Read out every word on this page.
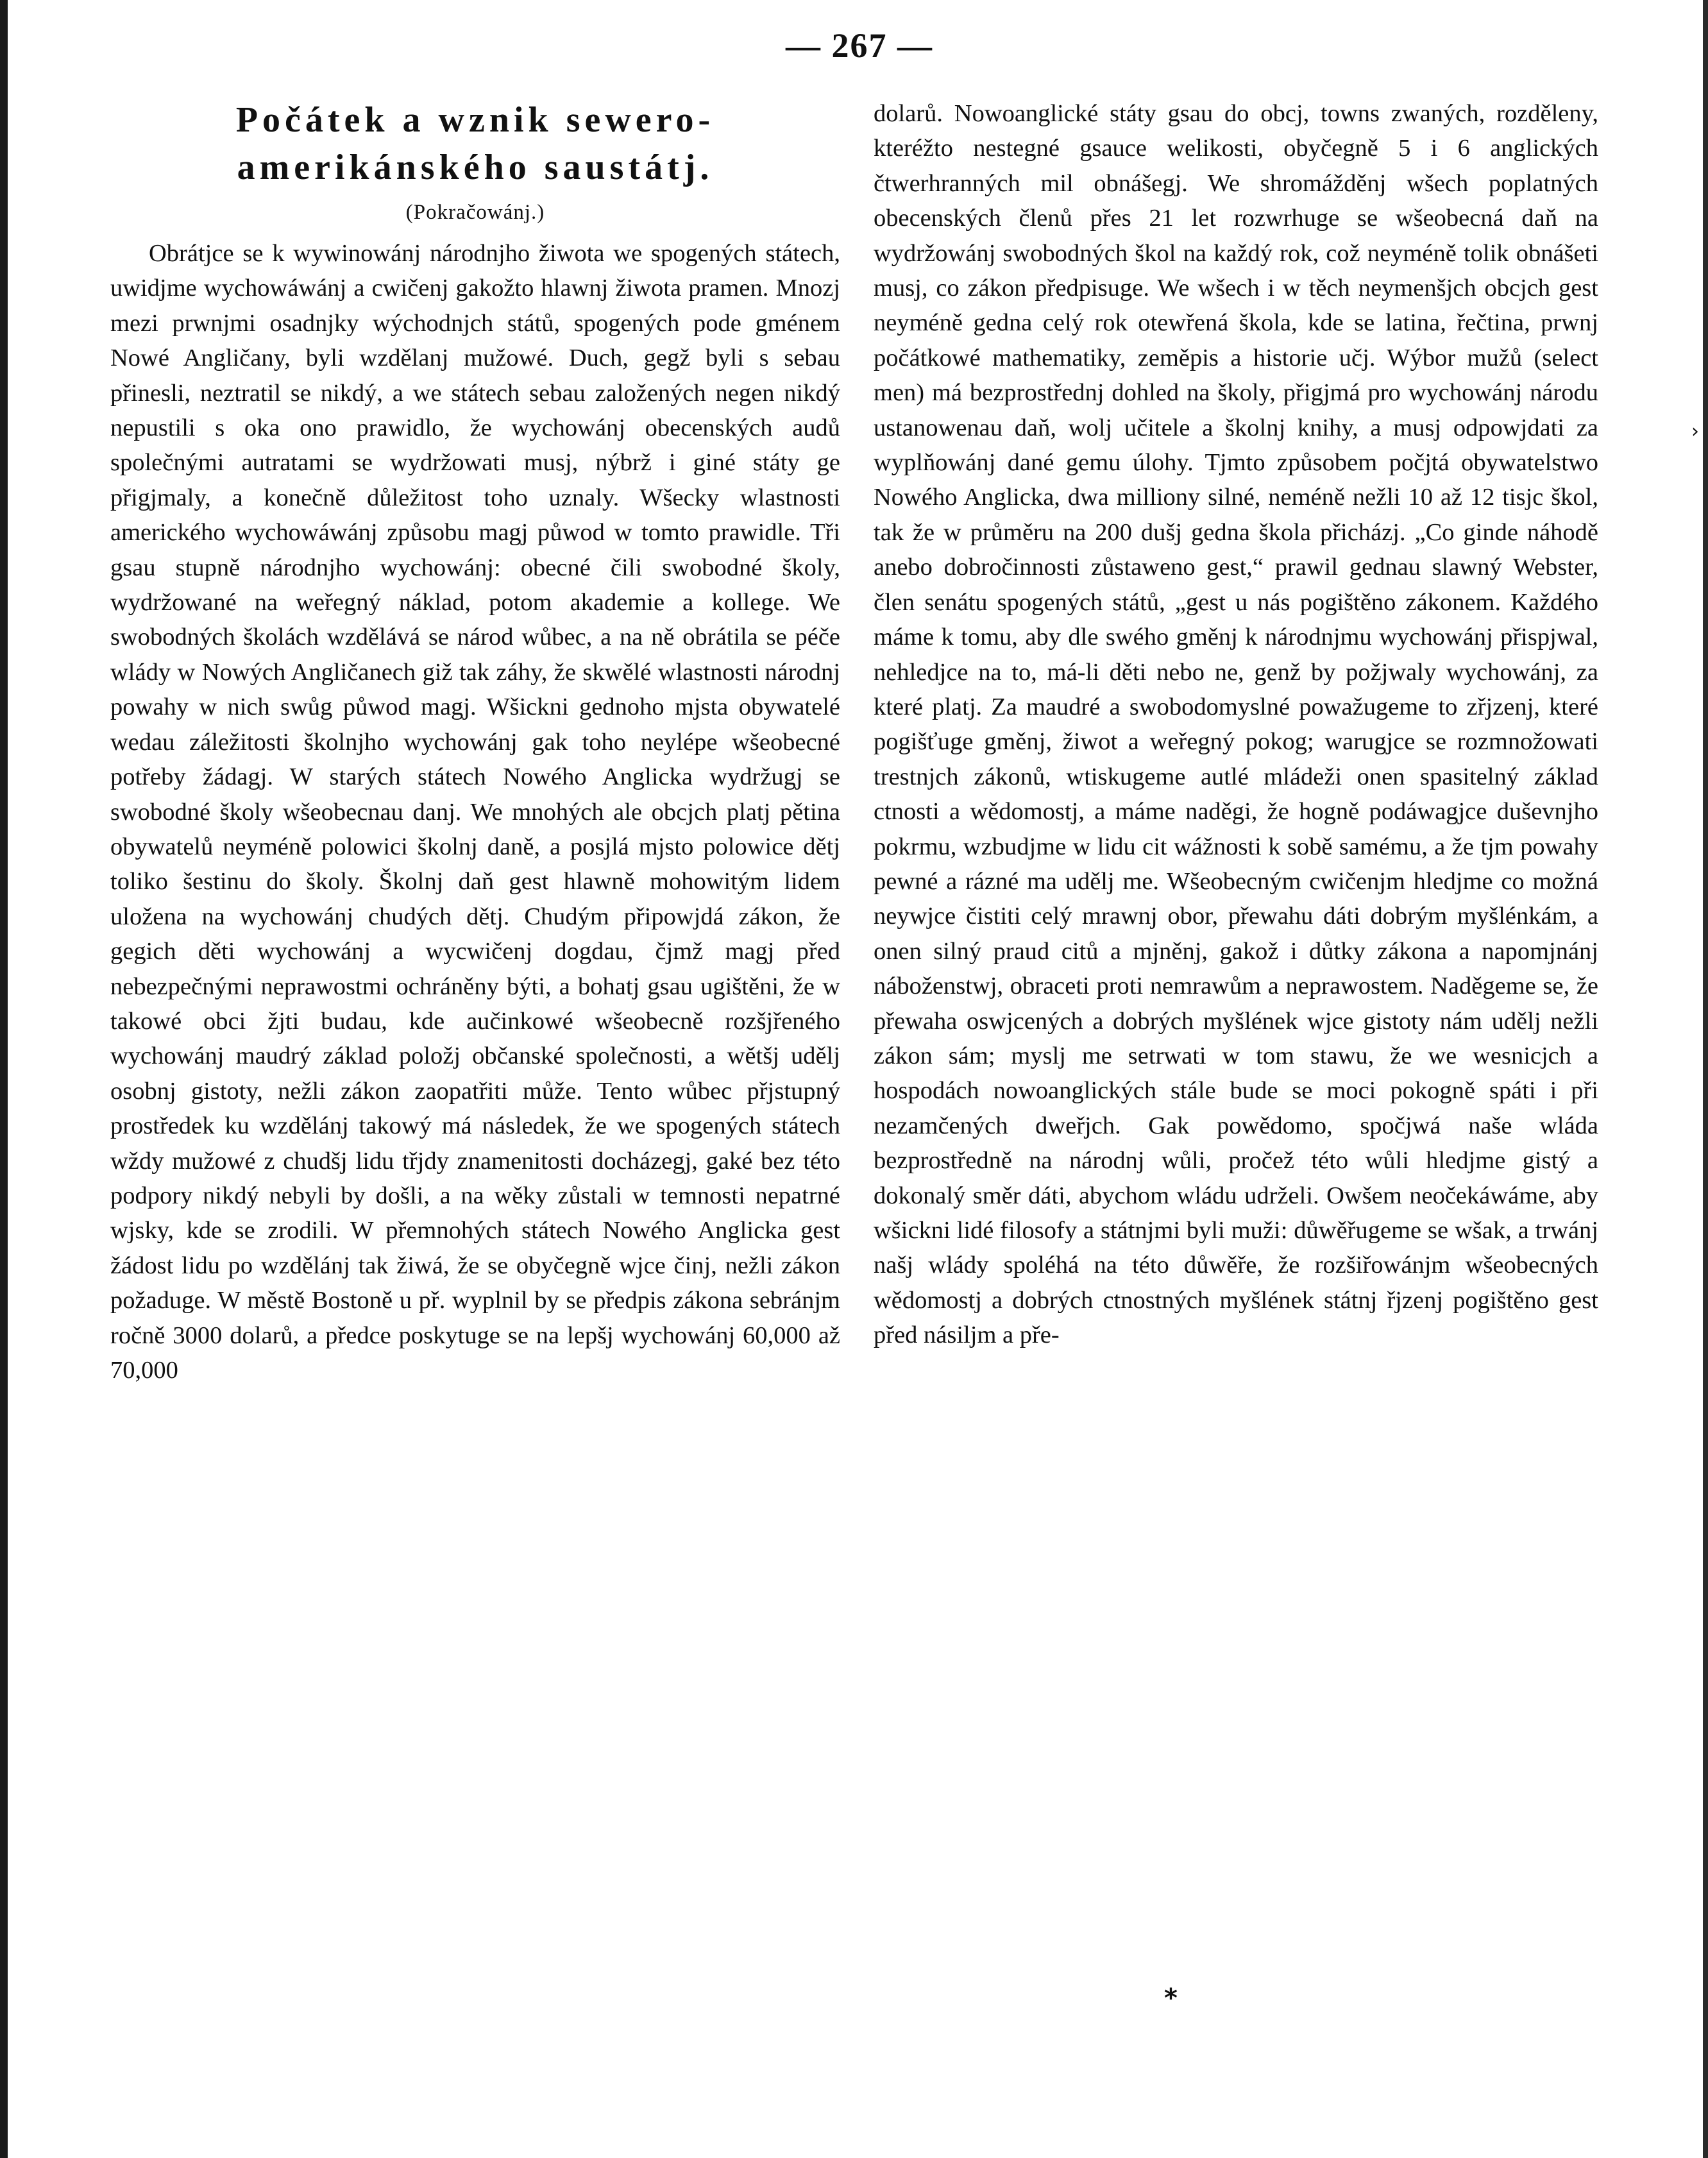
— 267 —
Počátek a wznik sewero-amerikánského saustátj.
(Pokračowánj.)

Obrátjce se k wywinowánj národnjho žiwota we spogených státech, uwidjme wychowáwánj a cwičenj gakožto hlawnj žiwota pramen. Mnozj mezi prwnjmi osadnjky wýchodnjch států, spogených pode gménem Nowé Angličany, byli wzdělanj mužowé. Duch, gegž byli s sebau přinesli, neztratil se nikdý, a we státech sebau založených negen nikdý nepustili s oka ono prawidlo, že wychowánj obecenských audů společnými autratami se wydržowati musj, nýbrž i giné státy ge přigjmaly, a konečně důležitost toho uznaly. Wšecky wlastnosti amerického wychowáwánj způsobu magj půwod w tomto prawidle. Tři gsau stupně národnjho wychowánj: obecné čili swobodné školy, wydržowané na weřegný náklad, potom akademie a kollege. We swobodných školách wzdělává se národ wůbec, a na ně obrátila se péče wlády w Nowých Angličanech giž tak záhy, že skwělé wlastnosti národnj powahy w nich swůg půwod magj. Wšickni gednoho mjsta obywatelé wedau záležitosti školnjho wychowánj gak toho neylépe wšeobecné potřeby žádagj. W starých státech Nowého Anglicka wydržugj se swobodné školy wšeobecnau danj. We mnohých ale obcjch platj pětina obywatelů neyméně polowici školnj daně, a posjlá mjsto polowice dětj toliko šestinu do školy. Školnj daň gest hlawně mohowitým lidem uložena na wychowánj chudých dětj. Chudým připowjdá zákon, že gegich děti wychowánj a wycwičenj dogdau, čjmž magj před nebezpečnými neprawostmi ochráněny býti, a bohatj gsau ugištěni, že w takowé obci žjti budau, kde aučinkowé wšeobecně rozšjřeného wychowánj maudrý základ položj občanské společnosti, a wětšj udělj osobnj gistoty, nežli zákon zaopatřiti může. Tento wůbec přjstupný prostředek ku wzdělánj takowý má následek, že we spogených státech wždy mužowé z chudšj lidu třjdy znamenitosti docházegj, gaké bez této podpory nikdý nebyli by došli, a na wěky zůstali w temnosti nepatrné wjsky, kde se zrodili. W přemnohých státech Nowého Anglicka gest žádost lidu po wzdělánj tak žiwá, že se obyčegně wjce činj, nežli zákon požaduge. W městě Bostoně u př. wyplnil by se předpis zákona sebránjm ročně 3000 dolarů, a předce poskytuge se na lepšj wychowánj 60,000 až 70,000

dolarů. Nowoanglické státy gsau do obcj, towns zwaných, rozděleny, kteréžto nestegné gsauce welikosti, obyčegně 5 i 6 anglických čtwerhranných mil obnášegj. We shromážděnj wšech poplatných obecenských členů přes 21 let rozwrhuge se wšeobecná daň na wydržowánj swobodných škol na každý rok, což neyméně tolik obnášeti musj, co zákon předpisuge. We wšech i w těch neymenšjch obcjch gest neyméně gedna celý rok otewřená škola, kde se latina, řečtina, prwnj počátkowé mathematiky, zeměpis a historie učj. Wýbor mužů (select men) má bezprostřednj dohled na školy, přigjmá pro wychowánj národu ustanowenau daň, wolj učitele a školnj knihy, a musj odpowjdati za wyplňowánj dané gemu úlohy. Tjmto způsobem počjtá obywatelstwo Nowého Anglicka, dwa milliony silné, neméně nežli 10 až 12 tisjc škol, tak že w průměru na 200 dušj gedna škola přicházj. „Co ginde náhodě anebo dobročinnosti zůstaweno gest,“ prawil gednau slawný Webster, člen senátu spogených států, „gest u nás pogištěno zákonem. Každého máme k tomu, aby dle swého gměnj k národnjmu wychowánj přispjwal, nehledjce na to, má-li děti nebo ne, genž by požjwaly wychowánj, za které platj. Za maudré a swobodomyslné powažugeme to zřjzenj, které pogišťuge gměnj, žiwot a weřegný pokog; warugjce se rozmnožowati trestnjch zákonů, wtiskugeme autlé mládeži onen spasitelný základ ctnosti a wědomostj, a máme naděgi, že hogně podáwagjce duševnjho pokrmu, wzbudjme w lidu cit wážnosti k sobě samému, a že tjm powahy pewné a rázné ma udělj me. Wšeobecným cwičenjm hledjme co možná neywjce čistiti celý mrawnj obor, přewahu dáti dobrým myšlénkám, a onen silný praud citů a mjněnj, gakož i důtky zákona a napomjnánj náboženstwj, obraceti proti nemrawům a neprawostem. Naděgeme se, že přewaha oswjcených a dobrých myšlének wjce gistoty nám udělj nežli zákon sám; myslj me setrwati w tom stawu, že we wesnicjch a hospodách nowoanglických stále bude se moci pokogně spáti i při nezamčených dweřjch. Gak powědomo, spočjwá naše wláda bezprostředně na národnj wůli, pročež této wůli hledjme gistý a dokonalý směr dáti, abychom wládu udrželi. Owšem neočekáwáme, aby wšickni lidé filosofy a státnjmi byli muži: důwěřugeme se wšak, a trwánj našj wlády spoléhá na této důwěře, že rozšiřowánjm wšeobecných wědomostj a dobrých ctnostných myšlének státnj řjzenj pogištěno gest před násiljm a pře-

*
›
